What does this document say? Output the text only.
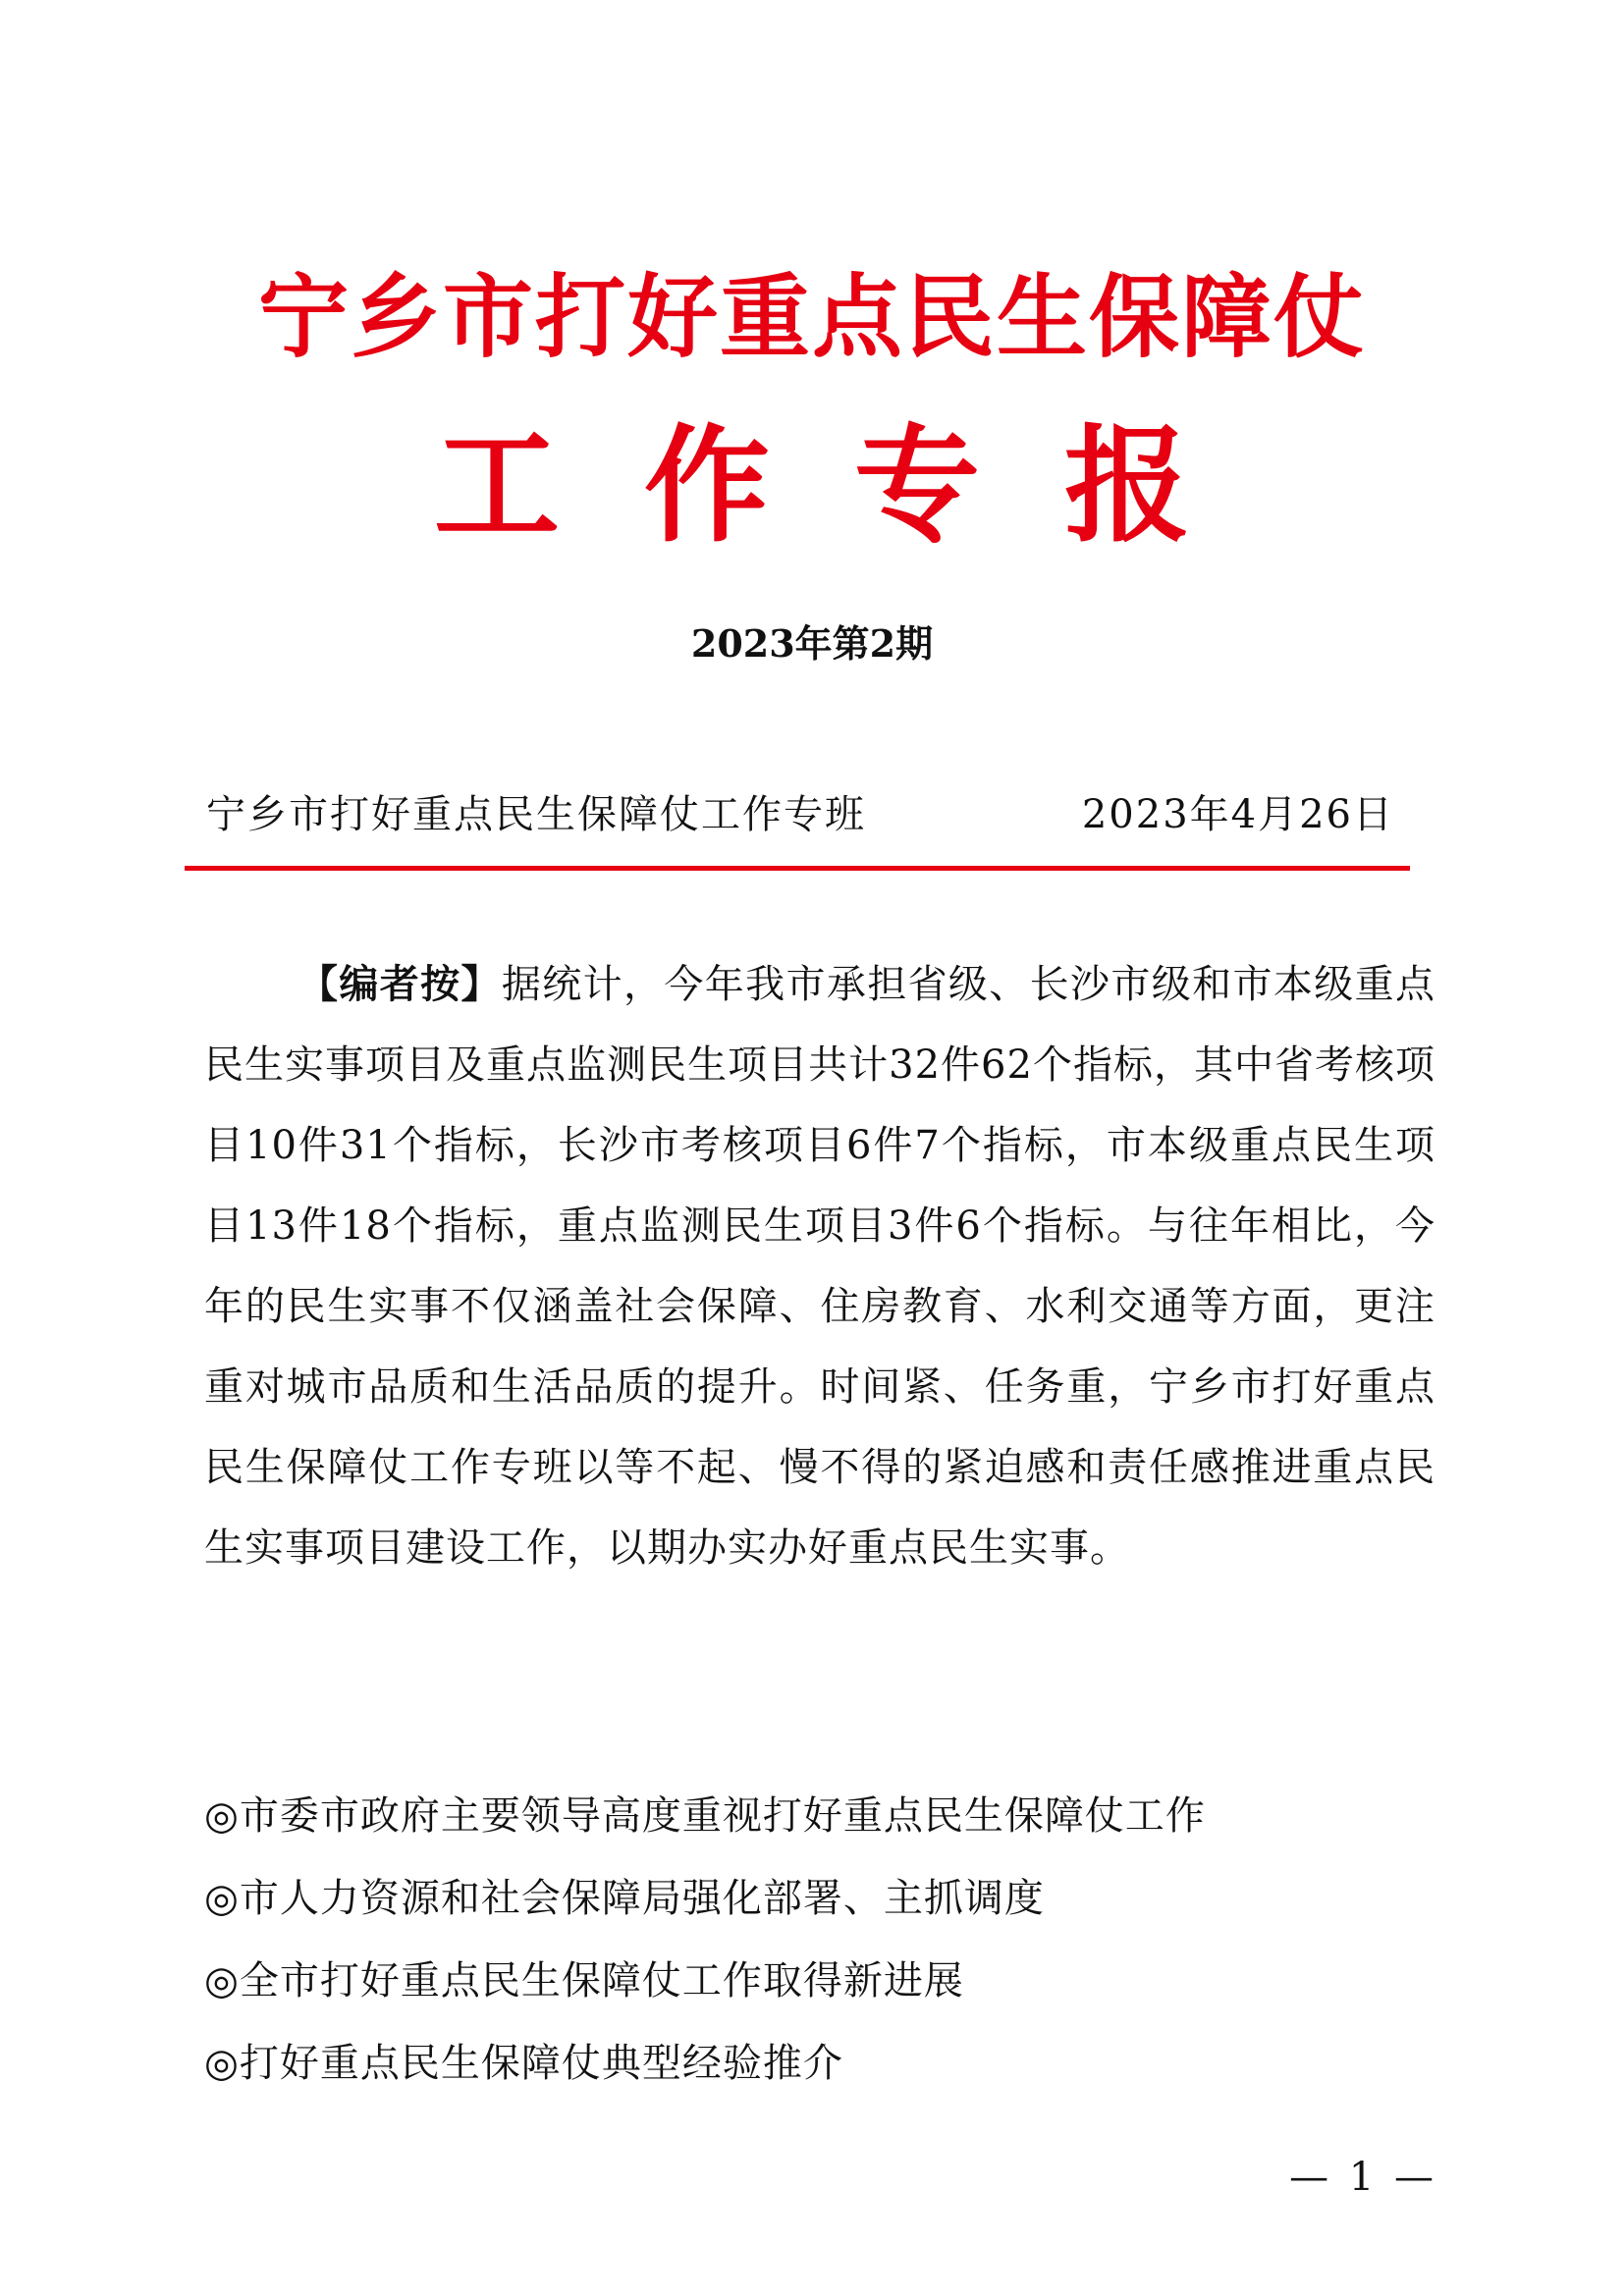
宁乡市打好重点民生保障仗
工作专报
2023年第2期
宁乡市打好重点民生保障仗工作专班	2023年4月26日

【编者按】据统计，今年我市承担省级、长沙市级和市本级重点民生实事项目及重点监测民生项目共计32件62个指标，其中省考核项目10件31个指标，长沙市考核项目6件7个指标，市本级重点民生项目13件18个指标，重点监测民生项目3件6个指标。与往年相比，今年的民生实事不仅涵盖社会保障、住房教育、水利交通等方面，更注重对城市品质和生活品质的提升。时间紧、任务重，宁乡市打好重点民生保障仗工作专班以等不起、慢不得的紧迫感和责任感推进重点民生实事项目建设工作，以期办实办好重点民生实事。

◎市委市政府主要领导高度重视打好重点民生保障仗工作
◎市人力资源和社会保障局强化部署、主抓调度
◎全市打好重点民生保障仗工作取得新进展
◎打好重点民生保障仗典型经验推介
— 1 —
